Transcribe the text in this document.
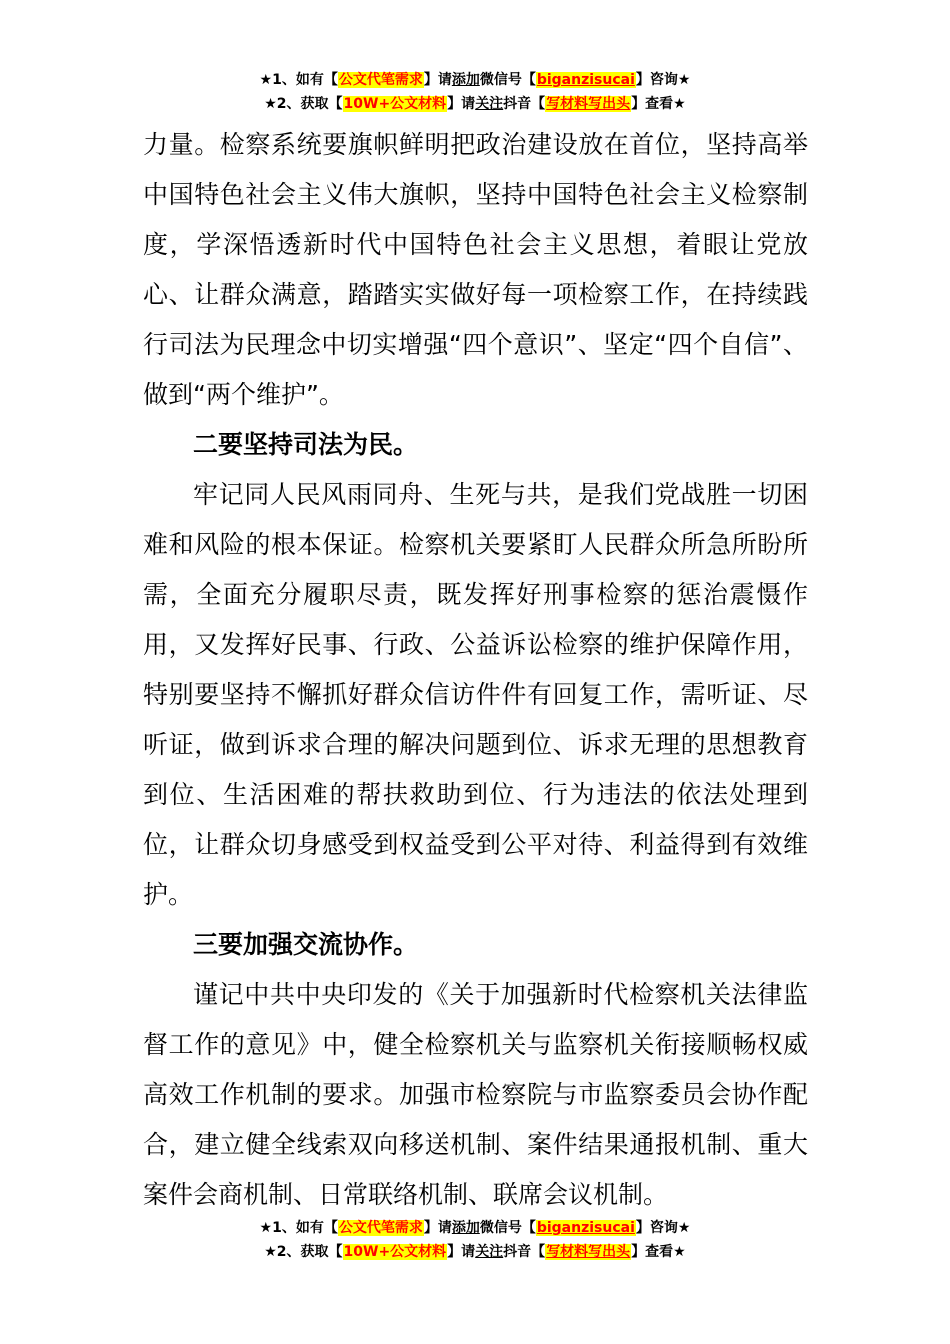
★1、如有【公文代笔需求】请添加微信号【biganzisucai】咨询★
★2、获取【10W+公文材料】请关注抖音【写材料写出头】查看★

力量。检察系统要旗帜鲜明把政治建设放在首位，坚持高举中国特色社会主义伟大旗帜，坚持中国特色社会主义检察制度，学深悟透新时代中国特色社会主义思想，着眼让党放心、让群众满意，踏踏实实做好每一项检察工作，在持续践行司法为民理念中切实增强“四个意识”、坚定“四个自信”、做到“两个维护”。

二要坚持司法为民。

牢记同人民风雨同舟、生死与共，是我们党战胜一切困难和风险的根本保证。检察机关要紧盯人民群众所急所盼所需，全面充分履职尽责，既发挥好刑事检察的惩治震慑作用，又发挥好民事、行政、公益诉讼检察的维护保障作用，特别要坚持不懈抓好群众信访件件有回复工作，需听证、尽听证，做到诉求合理的解决问题到位、诉求无理的思想教育到位、生活困难的帮扶救助到位、行为违法的依法处理到位，让群众切身感受到权益受到公平对待、利益得到有效维护。

三要加强交流协作。

谨记中共中央印发的《关于加强新时代检察机关法律监督工作的意见》中，健全检察机关与监察机关衔接顺畅权威高效工作机制的要求。加强市检察院与市监察委员会协作配合，建立健全线索双向移送机制、案件结果通报机制、重大案件会商机制、日常联络机制、联席会议机制。

★1、如有【公文代笔需求】请添加微信号【biganzisucai】咨询★
★2、获取【10W+公文材料】请关注抖音【写材料写出头】查看★
